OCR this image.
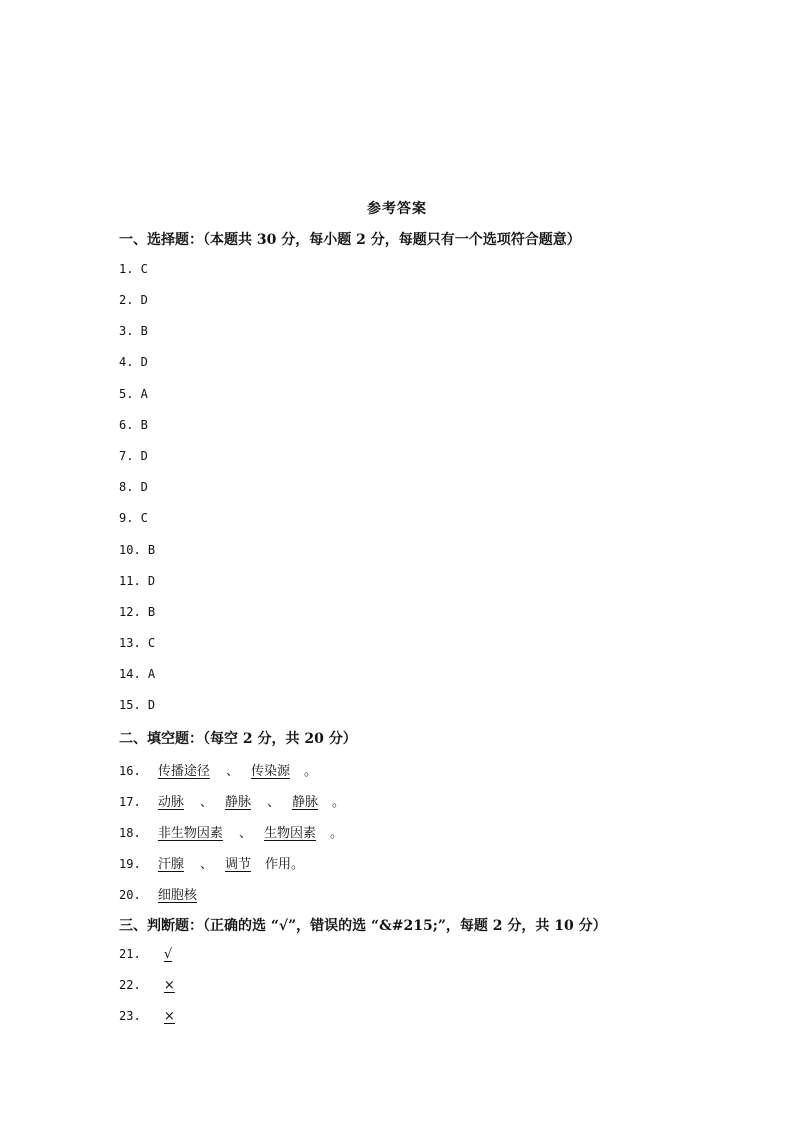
参考答案
一、选择题：（本题共 30 分，每小题 2 分，每题只有一个选项符合题意）
1. C
2. D
3. B
4. D
5. A
6. B
7. D
8. D
9. C
10. B
11. D
12. B
13. C
14. A
15. D
二、填空题：（每空 2 分，共 20 分）
16. 传播途径 、 传染源 。
17. 动脉 、 静脉 、 静脉 。
18. 非生物因素 、 生物因素 。
19. 汗腺 、 调节 作用。
20. 细胞核
三、判断题：（正确的选 “√”，错误的选 “&#215;”，每题 2 分，共 10 分）
21. √
22. ×
23. ×
